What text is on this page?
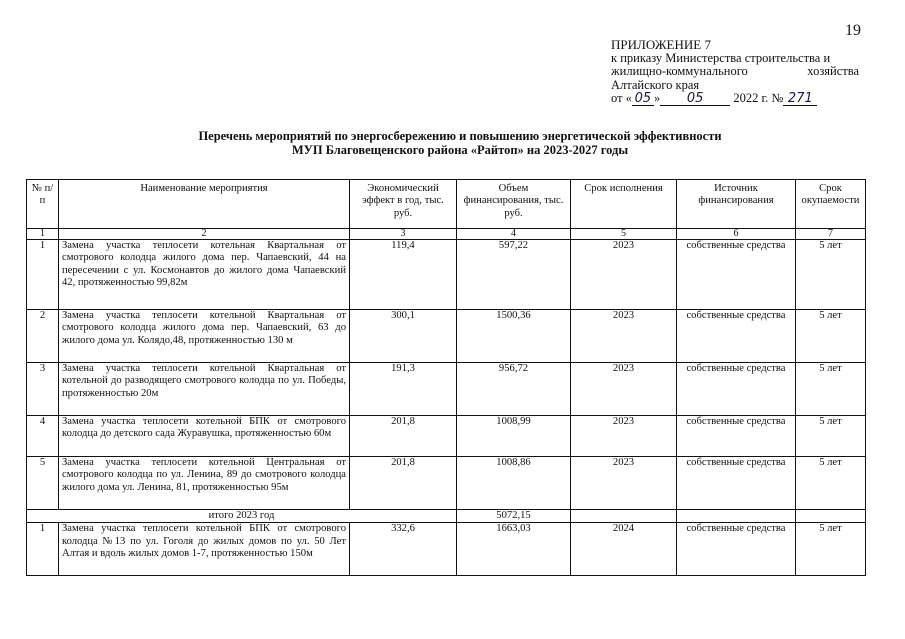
19
ПРИЛОЖЕНИЕ 7
к приказу Министерства строительства и
жилищно-коммунального хозяйства
Алтайского края
от « 05 » 05 2022 г. № 271
Перечень мероприятий по энергосбережению и повышению энергетической эффективности
МУП Благовещенского района «Райтоп» на 2023-2027 годы
№ п/п	Наименование мероприятия	Экономический эффект в год, тыс. руб.	Объем финансирования, тыс. руб.	Срок исполнения	Источник финансирования	Срок окупаемости
1	2	3	4	5	6	7
1	Замена участка теплосети котельная Квартальная от смотрового колодца жилого дома пер. Чапаевский, 44 на пересечении с ул. Космонавтов до жилого дома Чапаевский 42, протяженностью 99,82м	119,4	597,22	2023	собственные средства	5 лет
2	Замена участка теплосети котельной Квартальная от смотрового колодца жилого дома пер. Чапаевский, 63 до жилого дома ул. Колядо,48, протяженностью 130 м	300,1	1500,36	2023	собственные средства	5 лет
3	Замена участка теплосети котельной Квартальная от котельной до разводящего смотрового колодца по ул. Победы, протяженностью 20м	191,3	956,72	2023	собственные средства	5 лет
4	Замена участка теплосети котельной БПК от смотрового колодца до детского сада Журавушка, протяженностью 60м	201,8	1008,99	2023	собственные средства	5 лет
5	Замена участка теплосети котельной Центральная от смотрового колодца по ул. Ленина, 89 до смотрового колодца жилого дома ул. Ленина, 81, протяженностью 95м	201,8	1008,86	2023	собственные средства	5 лет
итого 2023 год			5072,15			
1	Замена участка теплосети котельной БПК от смотрового колодца №13 по ул. Гоголя до жилых домов по ул. 50 Лет Алтая и вдоль жилых домов 1-7, протяженностью 150м	332,6	1663,03	2024	собственные средства	5 лет
